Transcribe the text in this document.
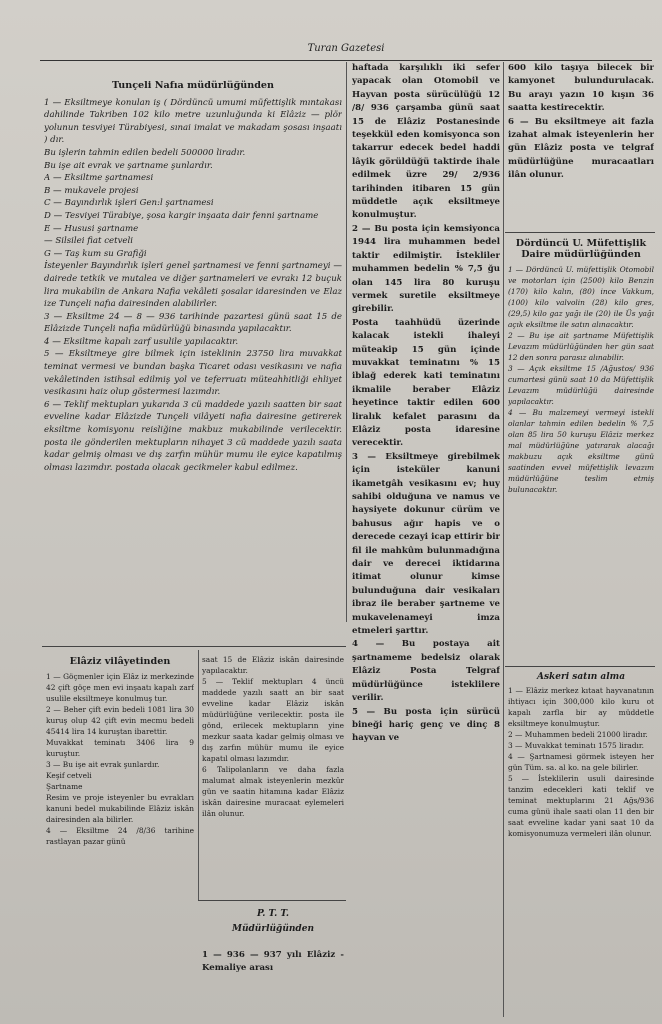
Turan Gazetesi

Tunçeli Nafıa müdürlüğünden

1 — Eksiltmeye konulan iş ( Dördüncü umumi müfettişlik mıntakası dahilinde Takriben 102 kilo metre uzunluğunda ki Elâziz — plör yolunun tesviyei Türabiyesi, sınai imalat ve makadam şosası inşaatı ) dır.

Bu işlerin tahmin edilen bedeli 500000 liradır.

Bu işe ait evrak ve şartname şunlardır.

A — Eksiltme şartnamesi

B — mukavele projesi

C — Bayındırlık işleri Gen:l şartnamesi

D — Tesviyei Türabiye, şosa kargir inşaata dair fenni şartname

E — Hususi şartname

— Silsilei fiat cetveli

G — Taş kum su Grafiği

İsteyenler Bayındırlık işleri genel şartnamesi ve fenni şartnameyi — dairede tetkik ve mutalea ve diğer şartnameleri ve evrakı 12 buçuk lira mukabilin de Ankara Nafia vekâleti şosalar idaresinden ve Elaz ize Tunçeli nafıa dairesinden alabilirler.

3 — Eksiltme 24 — 8 — 936 tarihinde pazartesi günü saat 15 de Elâzizde Tunçeli nafia müdürlüğü binasında yapılacaktır.

4 — Eksiltme kapalı zarf usulile yapılacaktır.

5 — Eksiltmeye gire bilmek için isteklinin 23750 lira muvakkat teminat vermesi ve bundan başka Ticaret odası vesikasını ve nafia vekâletinden istihsal edilmiş yol ve teferruatı müteahhitliği ehliyet vesikasını haiz olup göstermesi lazımdır.

6 — Teklif mektupları yukarıda 3 cü maddede yazılı saatten bir saat evveline kadar Elâzizde Tunçeli vilâyeti nafia dairesine getirerek eksiltme komisyonu reisliğine makbuz mukabilinde verilecektir. posta ile gönderilen mektupların nihayet 3 cü maddede yazılı saata kadar gelmiş olması ve dış zarfın mühür mumu ile eyice kapatılmış olması lazımdır. postada olacak gecikmeler kabul edilmez.

Elâziz vilâyetinden

1 — Göçmenler için Elâz iz merkezinde 42 çift göçe men evi inşaatı kapalı zarf usulile eksiltmeye konulmuş tur.

2 — Beher çift evin bedeli 1081 lira 30 kuruş olup 42 çift evin mecmu bedeli 45414 lira 14 kuruştan ibarettir.

Muvakkat teminatı 3406 lira 9 kuruştur.

3 — Bu işe ait evrak şunlardır.

Keşif cetveli

Şartname

Resim ve proje isteyenler bu evrakları kanuni bedel mukabilinde Elâziz iskân dairesinden ala bilirler.

4 — Eksiltme 24 /8/36 tarihine rastlayan pazar günü

saat 15 de Elâziz iskân dairesinde yapılacaktır.

5 — Teklif mektupları 4 üncü maddede yazılı saatt an bir saat evveline kadar Elâziz iskân müdürlüğüne verilecektir. posta ile gönd, erilecek mektupların yine mezkur saata kadar gelmiş olması ve dış zarfın mühür mumu ile eyice kapatıl olması lazımdır.

6 Talipolanların ve daha fazla malumat almak isteyenlerin mezkûr gün ve saatin hitamına kadar Elâziz iskân dairesine muracaat eylemeleri ilân olunur.

P. T. T.

Müdürlüğünden

1 — 936 — 937 yılı Elâziz - Kemaliye arası

haftada karşılıklı iki sefer yapacak olan Otomobil ve Hayvan posta sürücülüğü 12 /8/ 936 çarşamba günü saat 15 de Elâziz Postanesinde teşekkül eden komisyonca son takarrur edecek bedel haddi lâyik görüldüğü taktirde ihale edilmek üzre 29/ 2/936 tarihinden itibaren 15 gün müddetle açık eksiltmeye konulmuştur.

2 — Bu posta için kemsiyonca 1944 lira muhammen bedel taktir edilmiştir. İstekliler muhammen bedelin % 7,5 ğu olan 145 lira 80 kuruşu vermek suretile eksiltmeye girebilir.

Posta taahhüdü üzerinde kalacak istekli ihaleyi müteakip 15 gün içinde muvakkat teminatını % 15 iblağ ederek kati teminatını ikmalile beraber Elâziz heyetince taktir edilen 600 liralık kefalet parasını da Elâziz posta idaresine verecektir.

3 — Eksiltmeye girebilmek için isteküler kanuni ikametgâh vesikasını ev; huy sahibi olduğuna ve namus ve haysiyete dokunur cürüm ve bahusus ağır hapis ve o derecede cezayi icap ettirir bir fil ile mahkûm bulunmadığına dair ve derecei iktidarına itimat olunur kimse bulunduğuna dair vesikaları ibraz ile beraber şartneme ve mukavelenameyi imza etmeleri şarttır.

4 — Bu postaya ait şartnameme bedelsiz olarak Elâziz Posta Telgraf müdürlüğünce isteklilere verilir.

5 — Bu posta için sürücü bineği hariç genç ve dinç 8 hayvan ve

600 kilo taşıya bilecek bir kamyonet bulundurulacak. Bu arayı yazın 10 kışın 36 saatta kestirecektir.

6 — Bu eksiltmeye ait fazla izahat almak isteyenlerin her gün Elâziz posta ve telgraf müdürlüğüne muracaatları ilân olunur.

Dördüncü U. Müfettişlik Daire müdürlüğünden

1 — Dördüncü U. müfettişlik Otomobil ve motorları için (2500) kilo Benzin (170) kilo kalın, (80) ince Vakkum, (100) kilo valvolin (28) kilo gres, (29,5) kilo gaz yağı ile (20) ile Üs yağı açık eksiltme ile satın alınacaktır.

2 — Bu işe ait şartname Müfettişlik Levazım müdürlüğünden her gün saat 12 den sonra parasız alınabilir.

3 — Açık eksiltme 15 /Ağustos/ 936 cumartesi günü saat 10 da Müfettişlik Levazım müdürlüğü dairesinde yapılacaktır.

4 — Bu malzemeyi vermeyi istekli olanlar tahmin edilen bedelin % 7,5 olan 85 lira 50 kuruşu Elâziz merkez mal müdürlüğüne yatırarak alacağı makbuzu açık eksiltme günü saatinden evvel müfettişlik levazım müdürlüğüne teslim etmiş bulunacaktır.

Askeri satın alma

1 — Elâziz merkez kıtaat hayvanatının ihtiyacı için 300,000 kilo kuru ot kapalı zarfla bir ay müddetle eksiltmeye konulmuştur.

2 — Muhammen bedeli 21000 liradır.

3 — Muvakkat teminatı 1575 liradır.

4 — Şartnamesi görmek isteyen her gün Tüm. sa. al ko. na gele bilirler.

5 — İsteklilerin usuli dairesinde tanzim edecekleri kati teklif ve teminat mektuplarını 21 Ağs/936 cuma günü ihale saati olan 11 den bir saat evveline kadar yani saat 10 da komisyonumuza vermeleri ilân olunur.
